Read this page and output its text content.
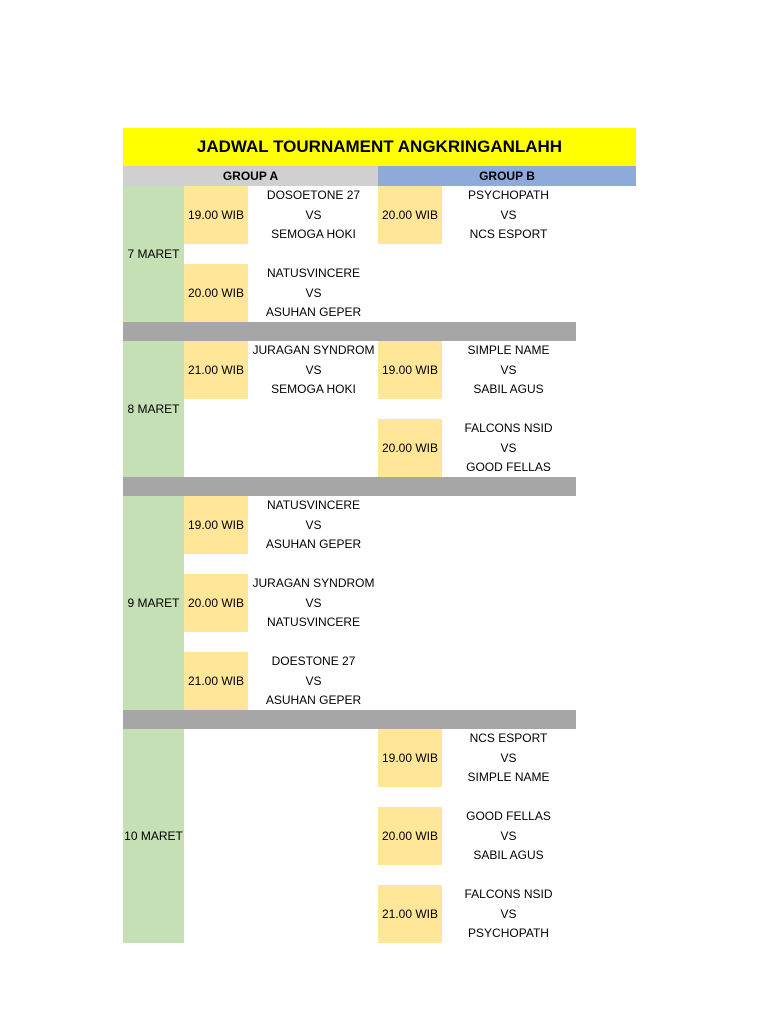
JADWAL TOURNAMENT ANGKRINGANLAHH
GROUP A	GROUP B
7 MARET
19.00 WIB
DOSOETONE 27
VS
SEMOGA HOKI
20.00 WIB
NATUSVINCERE
VS
ASUHAN GEPER
20.00 WIB
PSYCHOPATH
VS
NCS ESPORT
8 MARET
21.00 WIB
JURAGAN SYNDROM
VS
SEMOGA HOKI
19.00 WIB
SIMPLE NAME
VS
SABIL AGUS
20.00 WIB
FALCONS NSID
VS
GOOD FELLAS
9 MARET
19.00 WIB
NATUSVINCERE
VS
ASUHAN GEPER
20.00 WIB
JURAGAN SYNDROM
VS
NATUSVINCERE
21.00 WIB
DOESTONE 27
VS
ASUHAN GEPER
10 MARET
19.00 WIB
NCS ESPORT
VS
SIMPLE NAME
20.00 WIB
GOOD FELLAS
VS
SABIL AGUS
21.00 WIB
FALCONS NSID
VS
PSYCHOPATH
